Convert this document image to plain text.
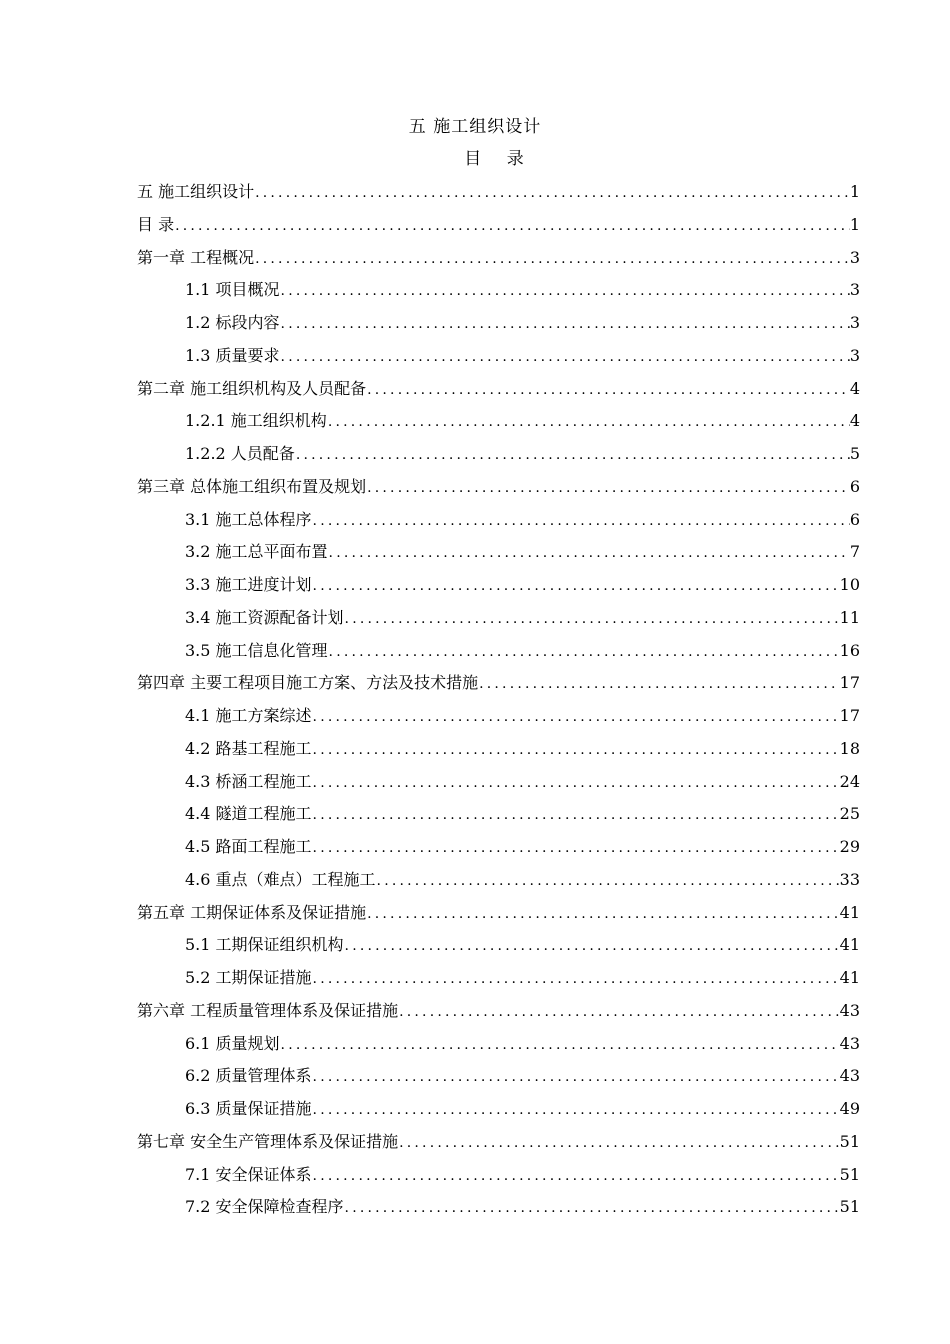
五 施工组织设计
目 录
五 施工组织设计 .....	1
目 录 .....	1
第一章 工程概况 .....	3
1.1 项目概况 .....	3
1.2 标段内容 .....	3
1.3 质量要求 .....	3
第二章 施工组织机构及人员配备 .....	4
1.2.1 施工组织机构 .....	4
1.2.2 人员配备 .....	5
第三章 总体施工组织布置及规划 .....	6
3.1 施工总体程序 .....	6
3.2 施工总平面布置 .....	7
3.3 施工进度计划 .....	10
3.4 施工资源配备计划 .....	11
3.5 施工信息化管理 .....	16
第四章 主要工程项目施工方案、方法及技术措施 .....	17
4.1 施工方案综述 .....	17
4.2 路基工程施工 .....	18
4.3 桥涵工程施工 .....	24
4.4 隧道工程施工 .....	25
4.5 路面工程施工 .....	29
4.6 重点（难点）工程施工 .....	33
第五章 工期保证体系及保证措施 .....	41
5.1 工期保证组织机构 .....	41
5.2 工期保证措施 .....	41
第六章 工程质量管理体系及保证措施 .....	43
6.1 质量规划 .....	43
6.2 质量管理体系 .....	43
6.3 质量保证措施 .....	49
第七章 安全生产管理体系及保证措施 .....	51
7.1 安全保证体系 .....	51
7.2 安全保障检查程序 .....	51
